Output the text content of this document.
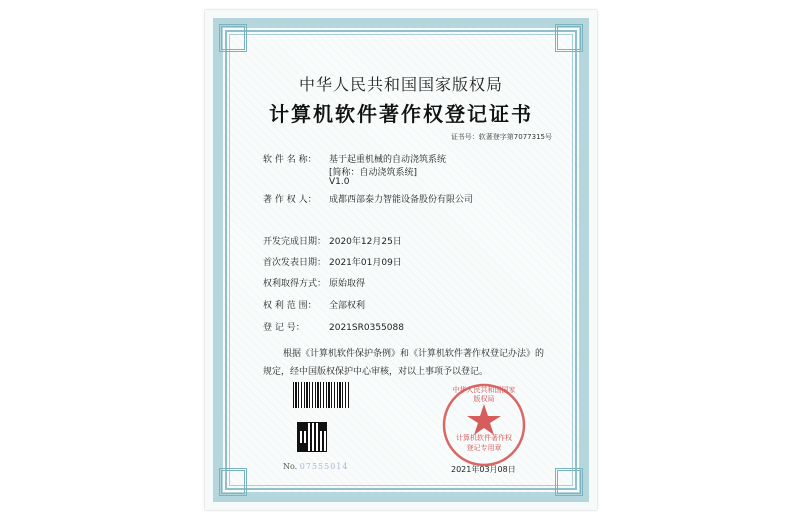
中华人民共和国国家版权局
计算机软件著作权登记证书
证书号：软著登字第7077315号
软 件 名 称： 基于起重机械的自动浇筑系统
[简称：自动浇筑系统]
V1.0
著 作 权 人： 成都西部泰力智能设备股份有限公司
开发完成日期： 2020年12月25日
首次发表日期： 2021年01月09日
权利取得方式： 原始取得
权 利 范 围： 全部权利
登 记 号：	2021SR0355088
根据《计算机软件保护条例》和《计算机软件著作权登记办法》的
规定，经中国版权保护中心审核，对以上事项予以登记。
No. 07555014
中华人民共和国国家版权局
计算机软件著作权
登记专用章
2021年03月08日
